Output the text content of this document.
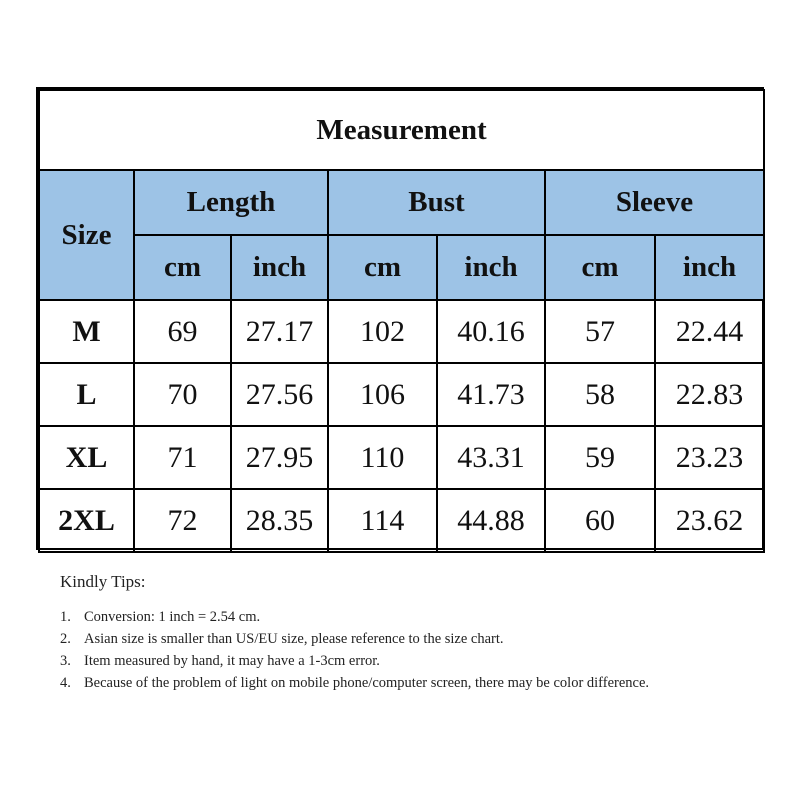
Measurement						
Size	Length		Bust		Sleeve	
	cm	inch	cm	inch	cm	inch
M	69	27.17	102	40.16	57	22.44
L	70	27.56	106	41.73	58	22.83
XL	71	27.95	110	43.31	59	23.23
2XL	72	28.35	114	44.88	60	23.62

Kindly Tips:

1. Conversion: 1 inch = 2.54 cm.
2. Asian size is smaller than US/EU size, please reference to the size chart.
3. Item measured by hand, it may have a 1-3cm error.
4. Because of the problem of light on mobile phone/computer screen, there may be color difference.
